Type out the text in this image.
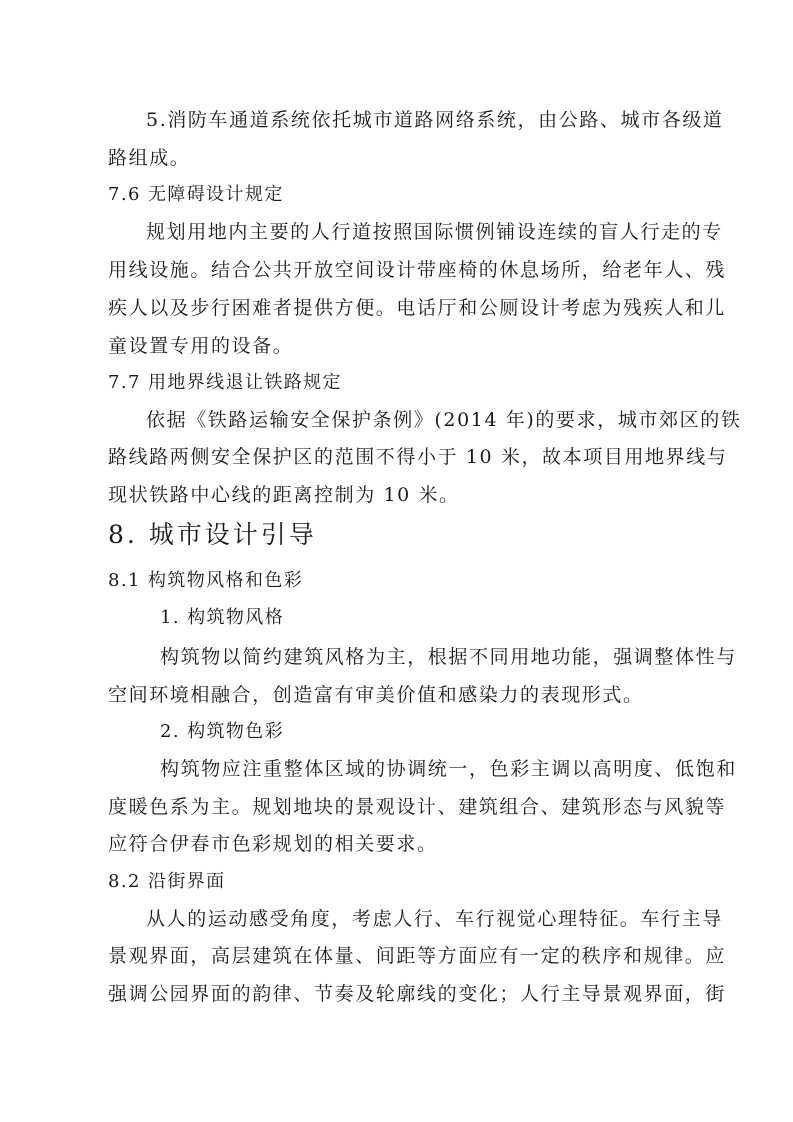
5.消防车通道系统依托城市道路网络系统，由公路、城市各级道
路组成。
7.6 无障碍设计规定
规划用地内主要的人行道按照国际惯例铺设连续的盲人行走的专
用线设施。结合公共开放空间设计带座椅的休息场所，给老年人、残
疾人以及步行困难者提供方便。电话厅和公厕设计考虑为残疾人和儿
童设置专用的设备。
7.7 用地界线退让铁路规定
依据《铁路运输安全保护条例》(2014 年)的要求，城市郊区的铁
路线路两侧安全保护区的范围不得小于 10 米，故本项目用地界线与
现状铁路中心线的距离控制为 10 米。
8. 城市设计引导
8.1 构筑物风格和色彩
1. 构筑物风格
构筑物以简约建筑风格为主，根据不同用地功能，强调整体性与
空间环境相融合，创造富有审美价值和感染力的表现形式。
2. 构筑物色彩
构筑物应注重整体区域的协调统一，色彩主调以高明度、低饱和
度暖色系为主。规划地块的景观设计、建筑组合、建筑形态与风貌等
应符合伊春市色彩规划的相关要求。
8.2 沿街界面
从人的运动感受角度，考虑人行、车行视觉心理特征。车行主导
景观界面，高层建筑在体量、间距等方面应有一定的秩序和规律。应
强调公园界面的韵律、节奏及轮廓线的变化；人行主导景观界面，街
